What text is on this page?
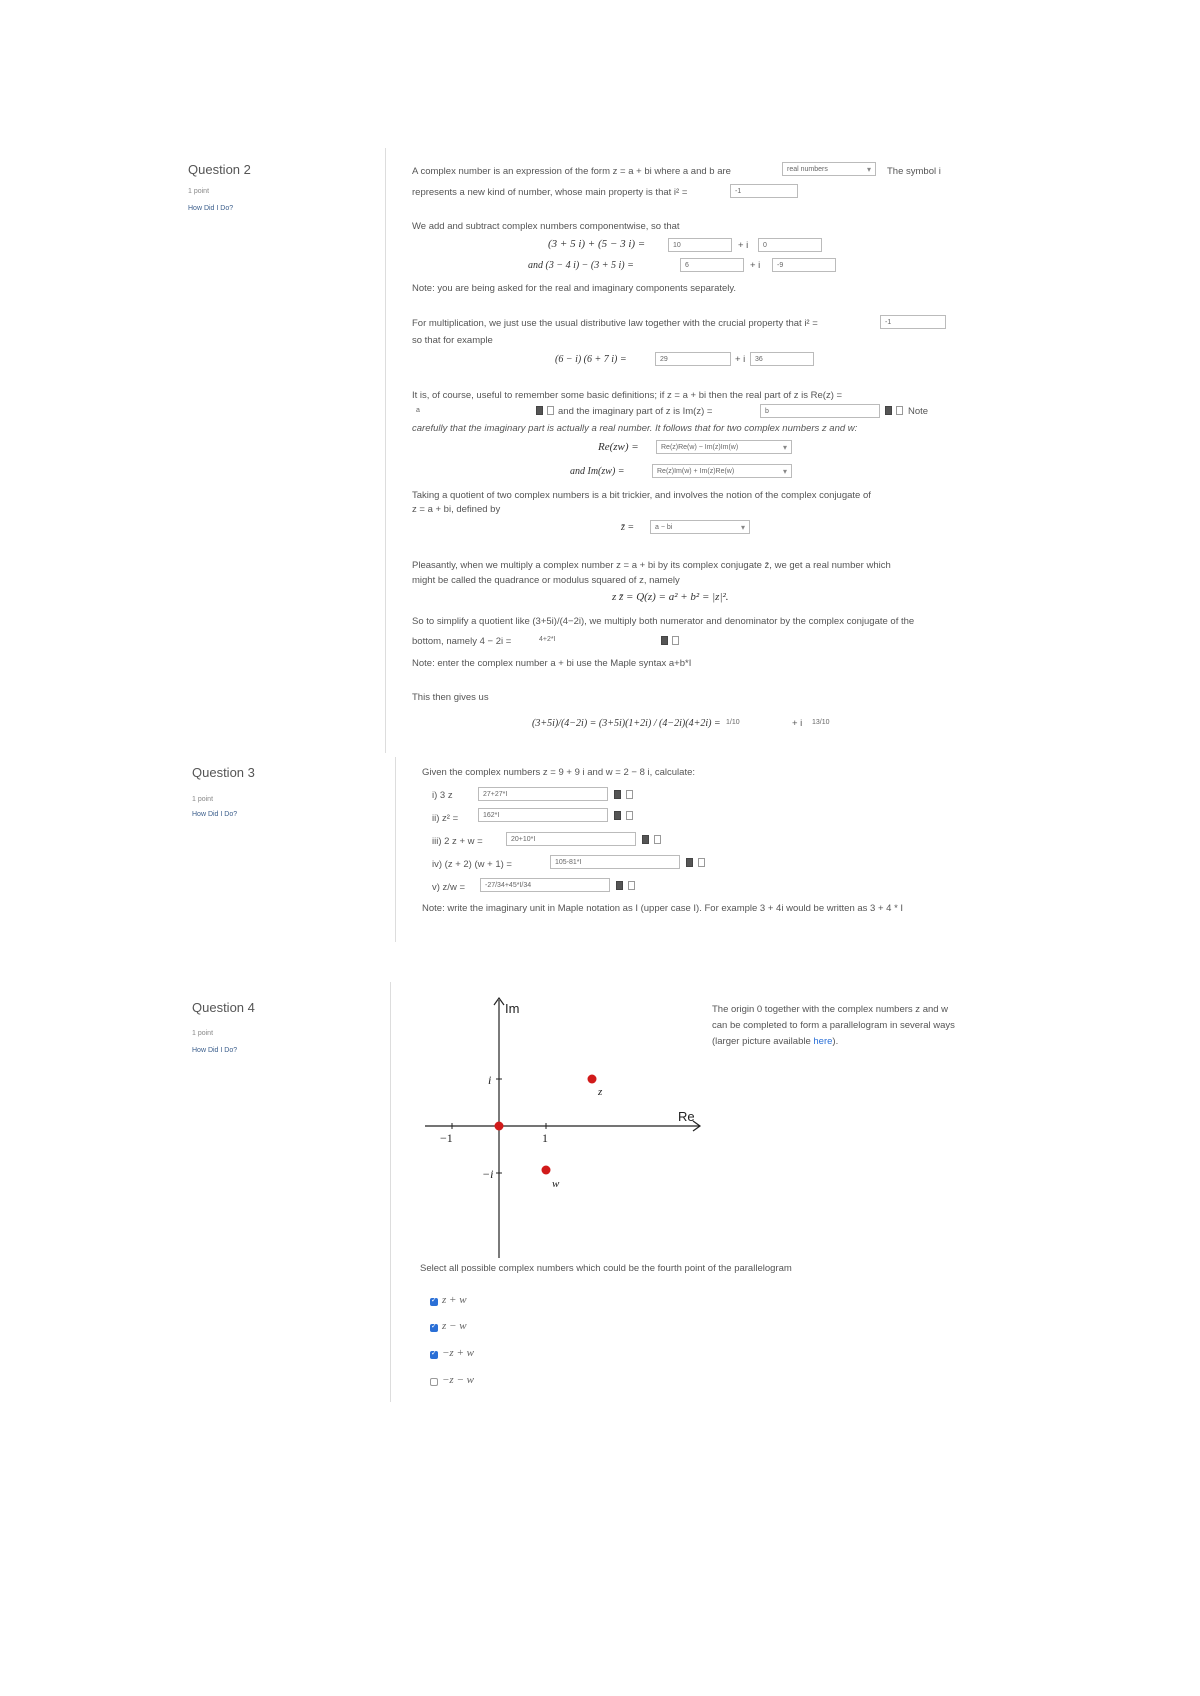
Question 2
1 point
How Did I Do?
A complex number is an expression of the form z = a + bi where a and b are	real numbers ▾	The symbol i
represents a new kind of number, whose main property is that i² =	-1
We add and subtract complex numbers componentwise, so that
(3 + 5 i) + (5 − 3 i) =	10	+ i	0
and (3 − 4 i) − (3 + 5 i) =	6	+ i	-9
Note: you are being asked for the real and imaginary components separately.
For multiplication, we just use the usual distributive law together with the crucial property that i² =	-1
so that for example
(6 − i) (6 + 7 i) =	29	+ i	36
It is, of course, useful to remember some basic definitions; if z = a + bi then the real part of z is Re(z) =
a	and the imaginary part of z is Im(z) =	b	Note
carefully that the imaginary part is actually a real number. It follows that for two complex numbers z and w:
Re(zw) =	Re(z)Re(w) − Im(z)Im(w) ▾
and Im(zw) =	Re(z)Im(w) + Im(z)Re(w) ▾
Taking a quotient of two complex numbers is a bit trickier, and involves the notion of the complex conjugate of
z = a + bi, defined by
z̄ =	a − bi ▾
Pleasantly, when we multiply a complex number z = a + bi by its complex conjugate z̄, we get a real number which
might be called the quadrance or modulus squared of z, namely
z z̄ = Q(z) = a² + b² = |z|².
So to simplify a quotient like (3+5i)/(4−2i), we multiply both numerator and denominator by the complex conjugate of the
bottom, namely 4 − 2i =	4+2*I
Note: enter the complex number a + bi use the Maple syntax a+b*I
This then gives us
(3+5i)/(4−2i) = (3+5i)(1+2i) / (4−2i)(4+2i) = 1/10	+ i	13/10
Question 3
1 point
How Did I Do?
Given the complex numbers z = 9 + 9 i and w = 2 − 8 i, calculate:
i) 3 z	27+27*I
ii) z² =	162*I
iii) 2 z + w =	20+10*I
iv) (z + 2) (w + 1) =	105-81*I
v) z/w =	-27/34+45*I/34
Note: write the imaginary unit in Maple notation as I (upper case I). For example 3 + 4i would be written as 3 + 4 * I
Question 4
1 point
How Did I Do?
Im
Re
−1	1
i
−i
z
w
The origin 0 together with the complex numbers z and w
can be completed to form a parallelogram in several ways
(larger picture available here).
Select all possible complex numbers which could be the fourth point of the parallelogram
✓
z + w
✓
z − w
✓
−z + w
−z − w
